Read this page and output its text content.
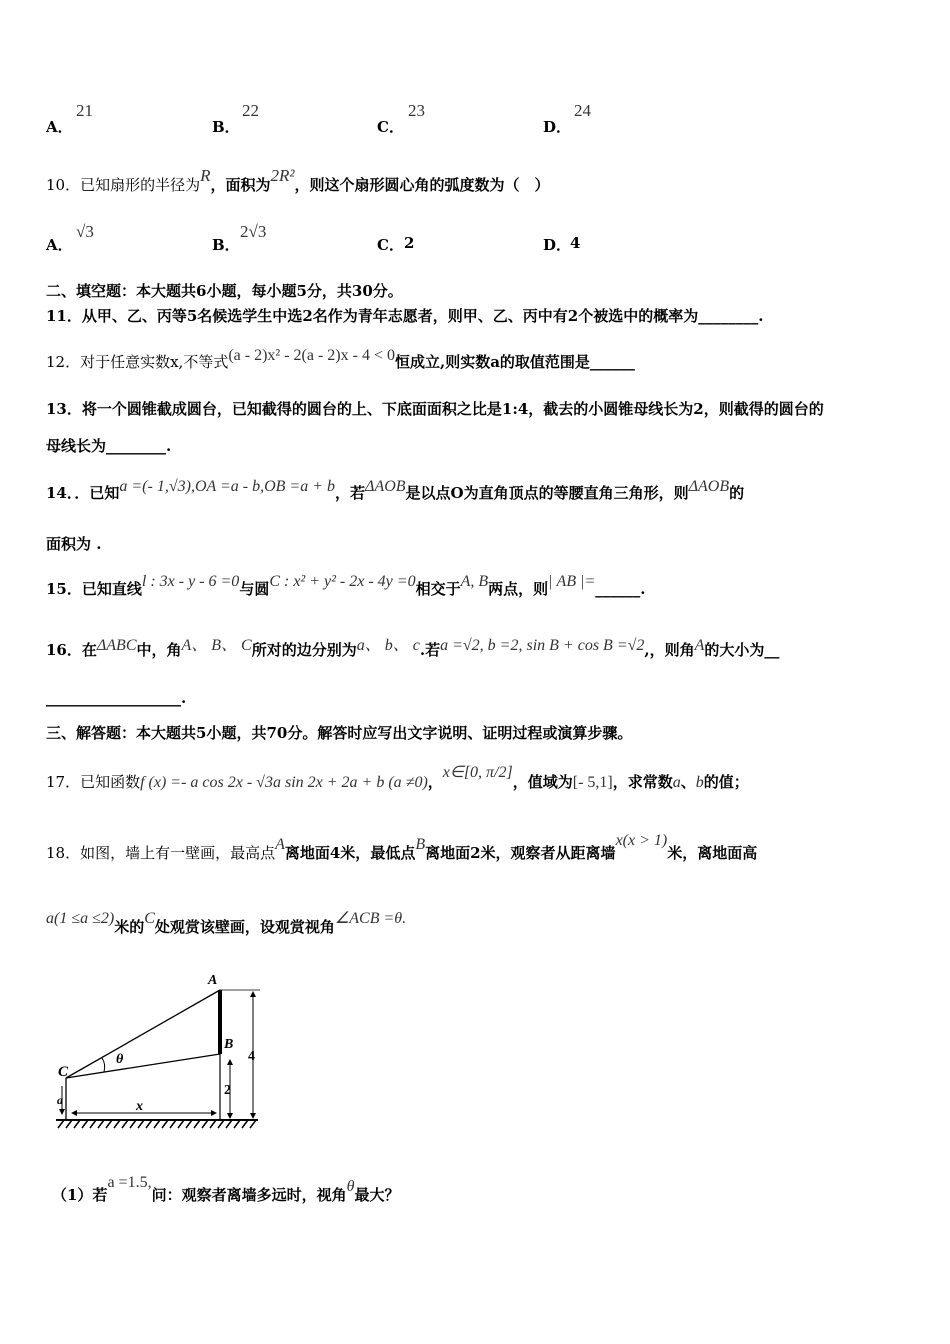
A．
21
B．
22
C．
23
D．
24
10．已知扇形的半径为R，面积为2R²，则这个扇形圆心角的弧度数为（　）
A．
√3
B．
2√3
C． 2	D．
4
二、填空题：本大题共6小题，每小题5分，共30分。
11．从甲、乙、丙等5名候选学生中选2名作为青年志愿者，则甲、乙、丙中有2个被选中的概率为________.
12．对于任意实数x,不等式(a - 2)x² - 2(a - 2)x - 4 < 0恒成立,则实数a的取值范围是______
13．将一个圆锥截成圆台，已知截得的圆台的上、下底面面积之比是1:4，截去的小圆锥母线长为2，则截得的圆台的
母线长为________.
14．．已知a =(- 1,√3),OA =a - b,OB =a + b，若ΔAOB是以点O为直角顶点的等腰直角三角形，则ΔAOB的
面积为 .
15．已知直线l : 3x - y - 6 =0与圆C : x² + y² - 2x - 4y =0相交于A, B两点，则| AB |=______.
16．在ΔABC中，角A、 B、 C所对的边分别为a、 b、 c.若a =√2, b =2, sin B + cos B =√2,，则角A的大小为__
__________________.
三、解答题：本大题共5小题，共70分。解答时应写出文字说明、证明过程或演算步骤。
17．已知函数f (x) =- a cos 2x - √3a sin 2x + 2a + b (a ≠0)，x∈[0, π/2]，值域为[- 5,1]，求常数a、b的值；
18．如图，墙上有一壁画，最高点A离地面4米，最低点B离地面2米，观察者从距离墙x(x > 1)米，离地面高
a(1 ≤a ≤2)米的C处观赏该壁画，设观赏视角∠ACB =θ.
A
B
C
θ
a	x
2
4
（1）若a =1.5,问：观察者离墙多远时，视角θ最大？
